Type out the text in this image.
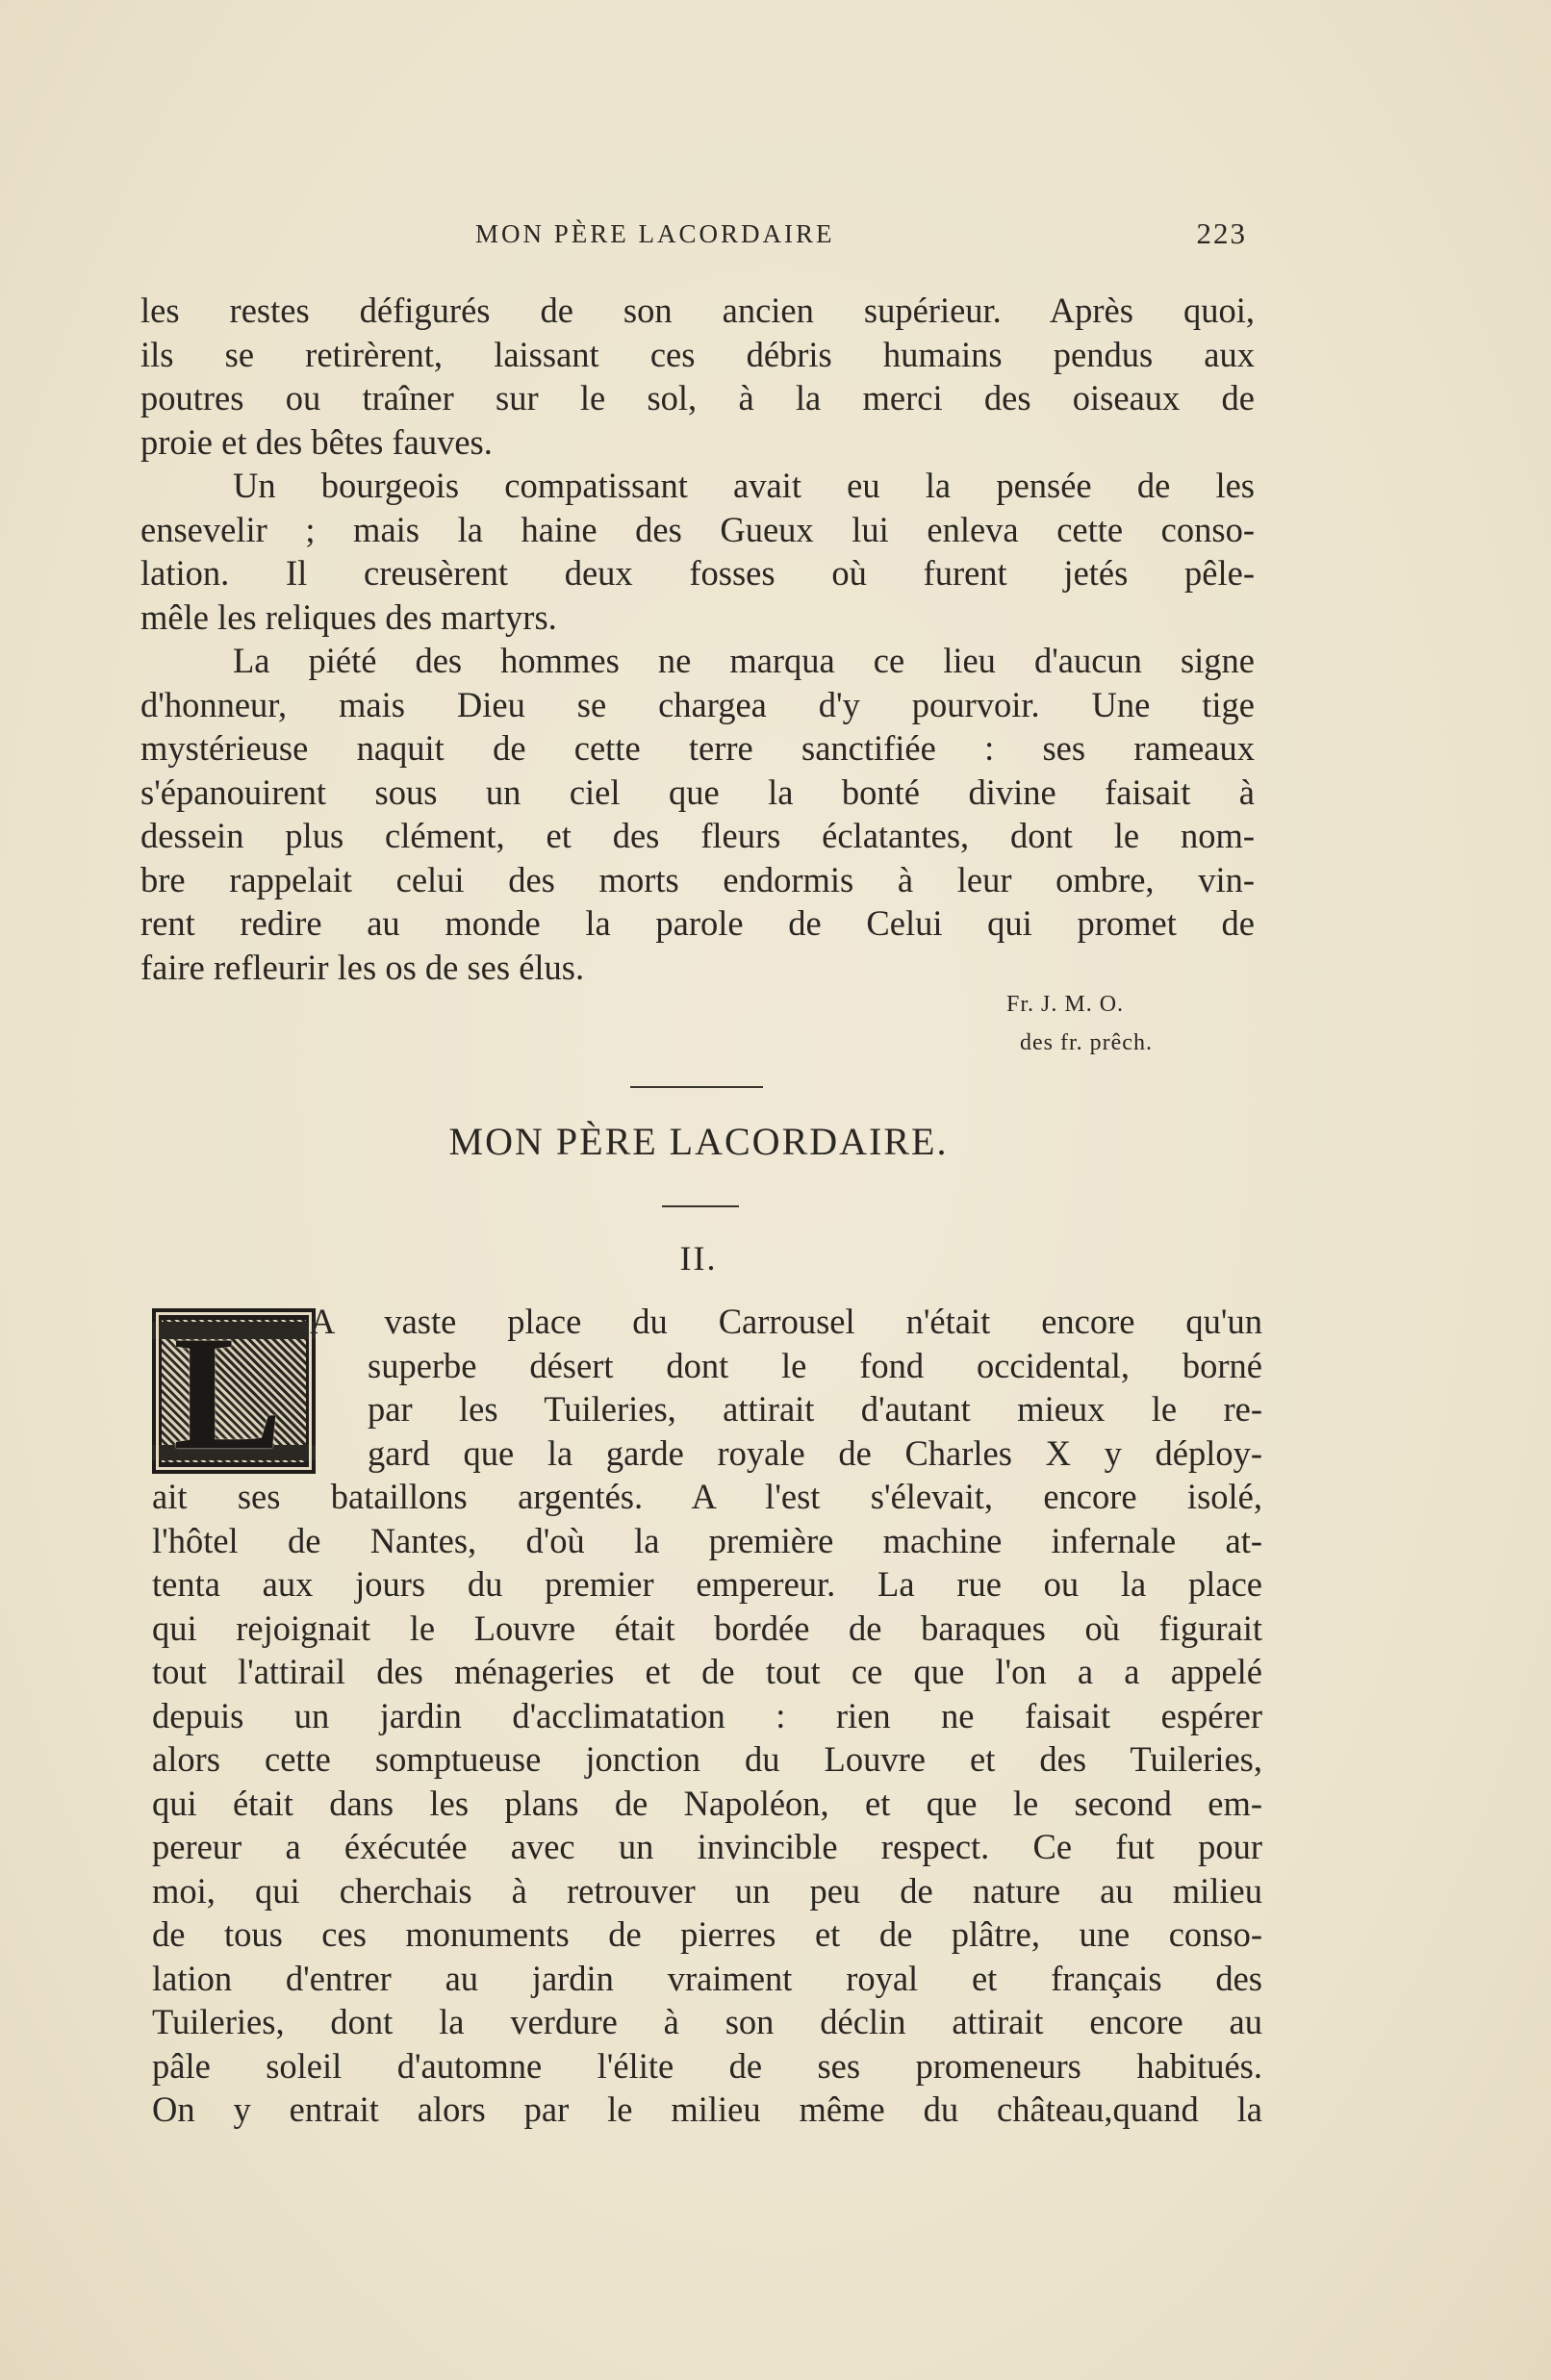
MON PÈRE LACORDAIRE	223
les restes défigurés de son ancien supérieur. Après quoi,
ils se retirèrent, laissant ces débris humains pendus aux
poutres ou traîner sur le sol, à la merci des oiseaux de
proie et des bêtes fauves.
Un bourgeois compatissant avait eu la pensée de les
ensevelir ; mais la haine des Gueux lui enleva cette conso-
lation. Il creusèrent deux fosses où furent jetés pêle-
mêle les reliques des martyrs.
La piété des hommes ne marqua ce lieu d'aucun signe
d'honneur, mais Dieu se chargea d'y pourvoir. Une tige
mystérieuse naquit de cette terre sanctifiée : ses rameaux
s'épanouirent sous un ciel que la bonté divine faisait à
dessein plus clément, et des fleurs éclatantes, dont le nom-
bre rappelait celui des morts endormis à leur ombre, vin-
rent redire au monde la parole de Celui qui promet de
faire refleurir les os de ses élus.
Fr. J. M. O.
des fr. prêch.
MON PÈRE LACORDAIRE.
II.
L A vaste place du Carrousel n'était encore qu'un
superbe désert dont le fond occidental, borné
par les Tuileries, attirait d'autant mieux le re-
gard que la garde royale de Charles X y déploy-
ait ses bataillons argentés. A l'est s'élevait, encore isolé,
l'hôtel de Nantes, d'où la première machine infernale at-
tenta aux jours du premier empereur. La rue ou la place
qui rejoignait le Louvre était bordée de baraques où figurait
tout l'attirail des ménageries et de tout ce que l'on a a appelé
depuis un jardin d'acclimatation : rien ne faisait espérer
alors cette somptueuse jonction du Louvre et des Tuileries,
qui était dans les plans de Napoléon, et que le second em-
pereur a éxécutée avec un invincible respect. Ce fut pour
moi, qui cherchais à retrouver un peu de nature au milieu
de tous ces monuments de pierres et de plâtre, une conso-
lation d'entrer au jardin vraiment royal et français des
Tuileries, dont la verdure à son déclin attirait encore au
pâle soleil d'automne l'élite de ses promeneurs habitués.
On y entrait alors par le milieu même du château,quand la
